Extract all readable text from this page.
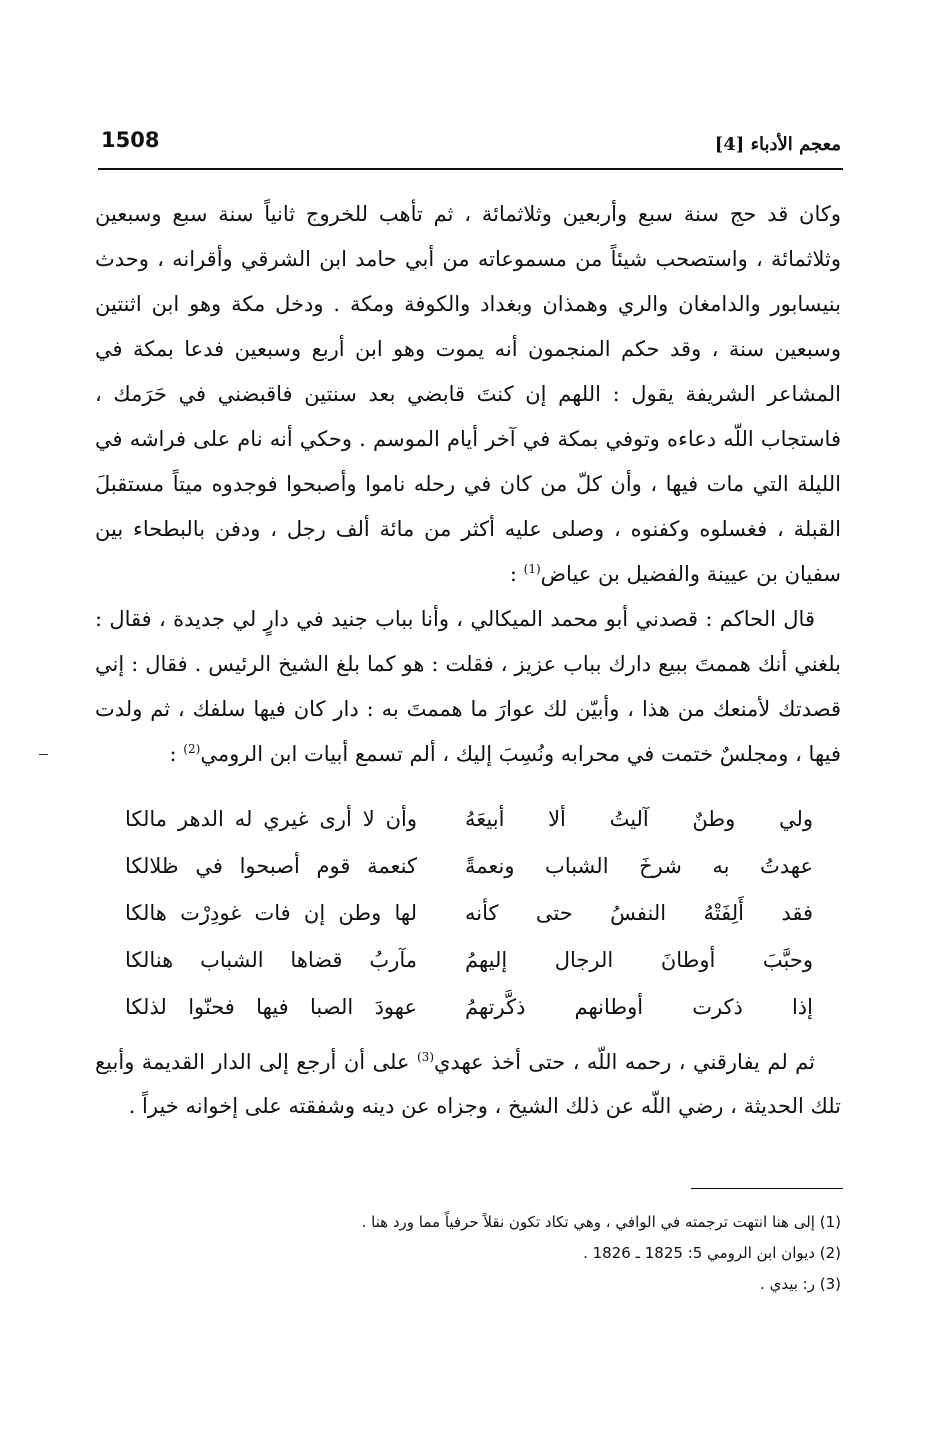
1508	معجم الأدباء [4]

وكان قد حج سنة سبع وأربعين وثلاثمائة ، ثم تأهب للخروج ثانياً سنة سبع وسبعين وثلاثمائة ، واستصحب شيئاً من مسموعاته من أبي حامد ابن الشرقي وأقرانه ، وحدث بنيسابور والدامغان والري وهمذان وبغداد والكوفة ومكة . ودخل مكة وهو ابن اثنتين وسبعين سنة ، وقد حكم المنجمون أنه يموت وهو ابن أربع وسبعين فدعا بمكة في المشاعر الشريفة يقول : اللهم إن كنتَ قابضي بعد سنتين فاقبضني في حَرَمك ، فاستجاب اللّه دعاءه وتوفي بمكة في آخر أيام الموسم . وحكي أنه نام على فراشه في الليلة التي مات فيها ، وأن كلّ من كان في رحله ناموا وأصبحوا فوجدوه ميتاً مستقبلَ القبلة ، فغسلوه وكفنوه ، وصلى عليه أكثر من مائة ألف رجل ، ودفن بالبطحاء بين سفيان بن عيينة والفضيل بن عياض$^{(1)}$ :

قال الحاكم : قصدني أبو محمد الميكالي ، وأنا بباب جنيد في دارٍ لي جديدة ، فقال : بلغني أنك هممتَ ببيع دارك بباب عزيز ، فقلت : هو كما بلغ الشيخ الرئيس . فقال : إني قصدتك لأمنعك من هذا ، وأبيّن لك عوارَ ما هممتَ به : دار كان فيها سلفك ، ثم ولدت فيها ، ومجلسٌ ختمت في محرابه ونُسِبَ إليك ، ألم تسمع أبيات ابن الرومي$^{(2)}$ :

ولي وطنٌ آليتُ ألا أبيعَهُ
وأن لا أرى غيري له الدهر مالكا
عهدتُ به شرخَ الشباب ونعمةً
كنعمة قوم أصبحوا في ظلالكا
فقد أَلِفَتْهُ النفسُ حتى كأنه
لها وطن إن فات غودِرْت هالكا
وحبَّبَ أوطانَ الرجال إليهمُ
مآربُ قضاها الشباب هنالكا
إذا ذكرت أوطانهم ذكَّرتهمُ
عهودَ الصبا فيها فحنّوا لذلكا

ثم لم يفارقني ، رحمه اللّه ، حتى أخذ عهدي$^{(3)}$ على أن أرجع إلى الدار القديمة وأبيع تلك الحديثة ، رضي اللّه عن ذلك الشيخ ، وجزاه عن دينه وشفقته على إخوانه خيراً .

(1) إلى هنا انتهت ترجمته في الوافي ، وهي تكاد تكون نقلاً حرفياً مما ورد هنا .
(2) ديوان ابن الرومي 5: 1825 ـ 1826 .
(3) ر: بيدي .
